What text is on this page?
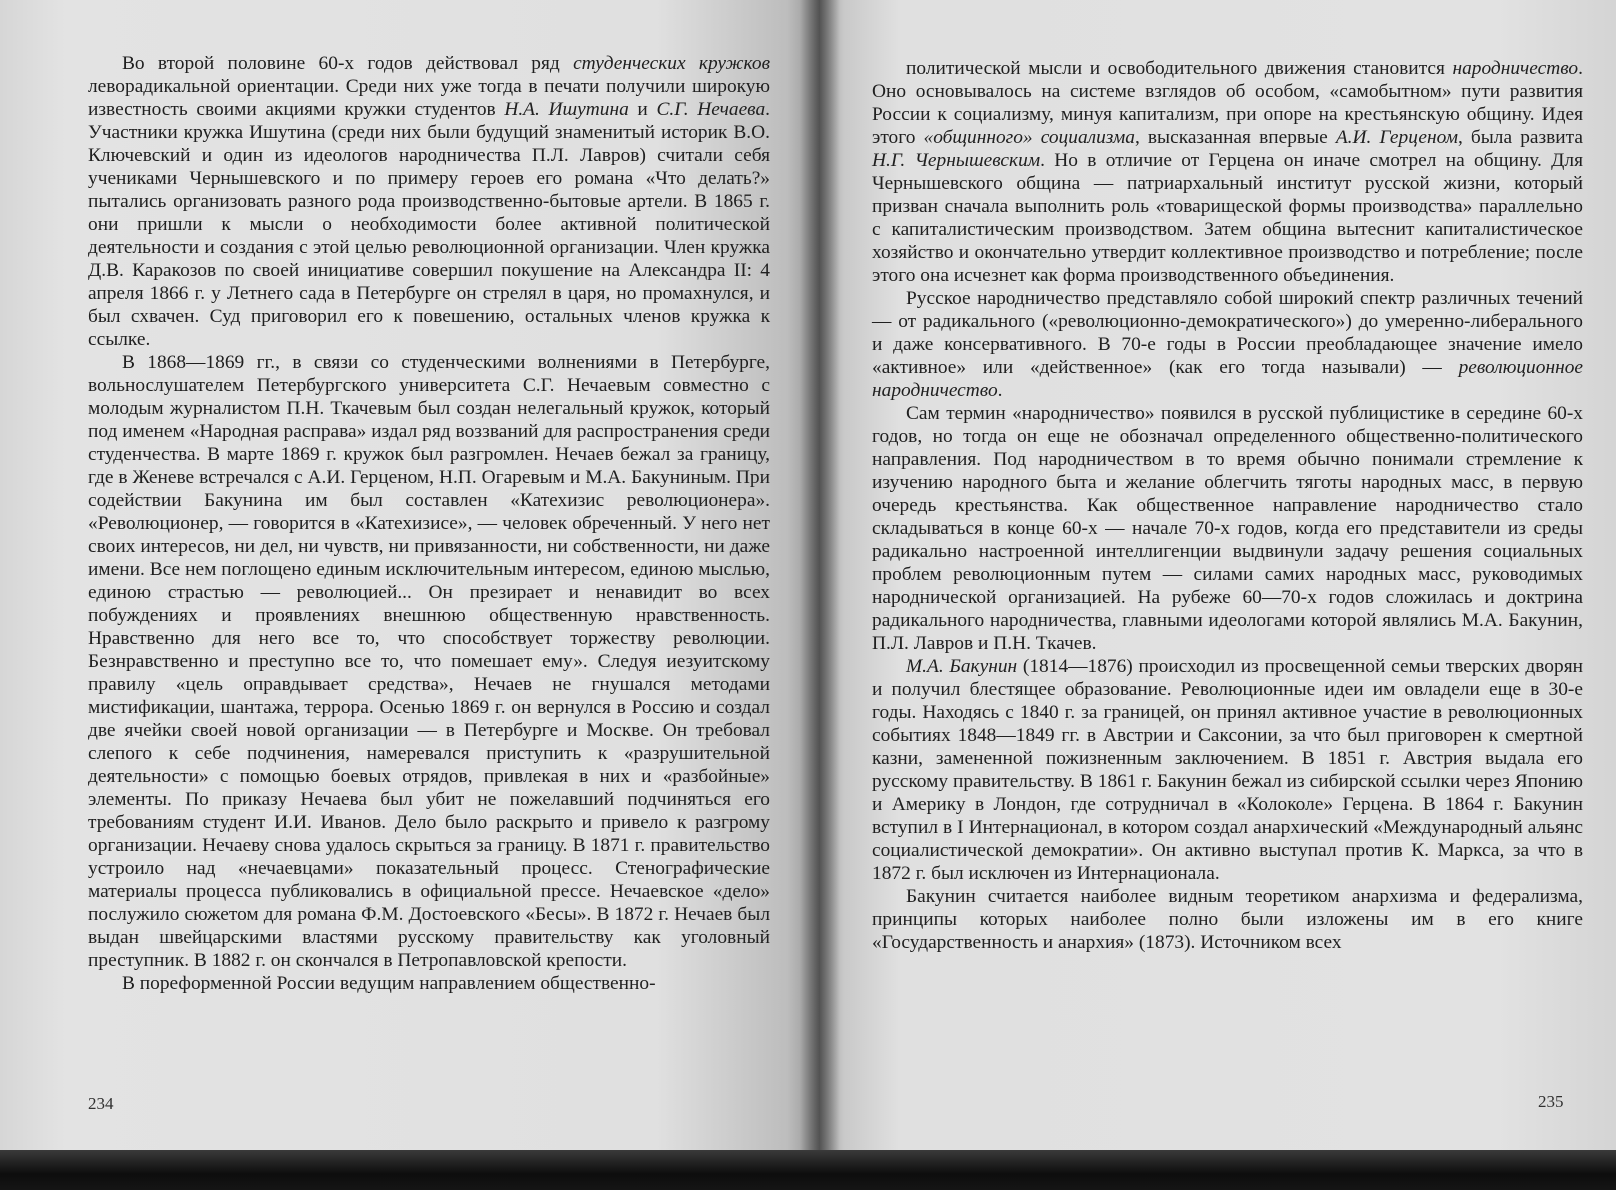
Во второй половине 60-х годов действовал ряд студенческих кружков леворадикальной ориентации. Среди них уже тогда в печати получили широкую известность своими акциями кружки студентов Н.А. Ишутина и С.Г. Нечаева. Участники кружка Ишутина (среди них были будущий знаменитый историк В.О. Ключевский и один из идеологов народничества П.Л. Лавров) считали себя учениками Чернышевского и по примеру героев его романа «Что делать?» пытались организовать разного рода производственно-бытовые артели. В 1865 г. они пришли к мысли о необходимости более активной политической деятельности и создания с этой целью революционной организации. Член кружка Д.В. Каракозов по своей инициативе совершил покушение на Александра II: 4 апреля 1866 г. у Летнего сада в Петербурге он стрелял в царя, но промахнулся, и был схвачен. Суд приговорил его к повешению, остальных членов кружка к ссылке.

В 1868—1869 гг., в связи со студенческими волнениями в Петербурге, вольнослушателем Петербургского университета С.Г. Нечаевым совместно с молодым журналистом П.Н. Ткачевым был создан нелегальный кружок, который под именем «Народная расправа» издал ряд воззваний для распространения среди студенчества. В марте 1869 г. кружок был разгромлен. Нечаев бежал за границу, где в Женеве встречался с А.И. Герценом, Н.П. Огаревым и М.А. Бакуниным. При содействии Бакунина им был составлен «Катехизис революционера». «Революционер, — говорится в «Катехизисе», — человек обреченный. У него нет своих интересов, ни дел, ни чувств, ни привязанности, ни собственности, ни даже имени. Все нем поглощено единым исключительным интересом, единою мыслью, единою страстью — революцией... Он презирает и ненавидит во всех побуждениях и проявлениях внешнюю общественную нравственность. Нравственно для него все то, что способствует торжеству революции. Безнравственно и преступно все то, что помешает ему». Следуя иезуитскому правилу «цель оправдывает средства», Нечаев не гнушался методами мистификации, шантажа, террора. Осенью 1869 г. он вернулся в Россию и создал две ячейки своей новой организации — в Петербурге и Москве. Он требовал слепого к себе подчинения, намеревался приступить к «разрушительной деятельности» с помощью боевых отрядов, привлекая в них и «разбойные» элементы. По приказу Нечаева был убит не пожелавший подчиняться его требованиям студент И.И. Иванов. Дело было раскрыто и привело к разгрому организации. Нечаеву снова удалось скрыться за границу. В 1871 г. правительство устроило над «нечаевцами» показательный процесс. Стенографические материалы процесса публиковались в официальной прессе. Нечаевское «дело» послужило сюжетом для романа Ф.М. Достоевского «Бесы». В 1872 г. Нечаев был выдан швейцарскими властями русскому правительству как уголовный преступник. В 1882 г. он скончался в Петропавловской крепости.

В пореформенной России ведущим направлением общественно-

234

политической мысли и освободительного движения становится народничество. Оно основывалось на системе взглядов об особом, «самобытном» пути развития России к социализму, минуя капитализм, при опоре на крестьянскую общину. Идея этого «общинного» социализма, высказанная впервые А.И. Герценом, была развита Н.Г. Чернышевским. Но в отличие от Герцена он иначе смотрел на общину. Для Чернышевского община — патриархальный институт русской жизни, который призван сначала выполнить роль «товарищеской формы производства» параллельно с капиталистическим производством. Затем община вытеснит капиталистическое хозяйство и окончательно утвердит коллективное производство и потребление; после этого она исчезнет как форма производственного объединения.

Русское народничество представляло собой широкий спектр различных течений — от радикального («революционно-демократического») до умеренно-либерального и даже консервативного. В 70-е годы в России преобладающее значение имело «активное» или «действенное» (как его тогда называли) — революционное народничество.

Сам термин «народничество» появился в русской публицистике в середине 60-х годов, но тогда он еще не обозначал определенного общественно-политического направления. Под народничеством в то время обычно понимали стремление к изучению народного быта и желание облегчить тяготы народных масс, в первую очередь крестьянства. Как общественное направление народничество стало складываться в конце 60-х — начале 70-х годов, когда его представители из среды радикально настроенной интеллигенции выдвинули задачу решения социальных проблем революционным путем — силами самих народных масс, руководимых народнической организацией. На рубеже 60—70-х годов сложилась и доктрина радикального народничества, главными идеологами которой являлись М.А. Бакунин, П.Л. Лавров и П.Н. Ткачев.

М.А. Бакунин (1814—1876) происходил из просвещенной семьи тверских дворян и получил блестящее образование. Революционные идеи им овладели еще в 30-е годы. Находясь с 1840 г. за границей, он принял активное участие в революционных событиях 1848—1849 гг. в Австрии и Саксонии, за что был приговорен к смертной казни, замененной пожизненным заключением. В 1851 г. Австрия выдала его русскому правительству. В 1861 г. Бакунин бежал из сибирской ссылки через Японию и Америку в Лондон, где сотрудничал в «Колоколе» Герцена. В 1864 г. Бакунин вступил в I Интернационал, в котором создал анархический «Международный альянс социалистической демократии». Он активно выступал против К. Маркса, за что в 1872 г. был исключен из Интернационала.

Бакунин считается наиболее видным теоретиком анархизма и федерализма, принципы которых наиболее полно были изложены им в его книге «Государственность и анархия» (1873). Источником всех

235
